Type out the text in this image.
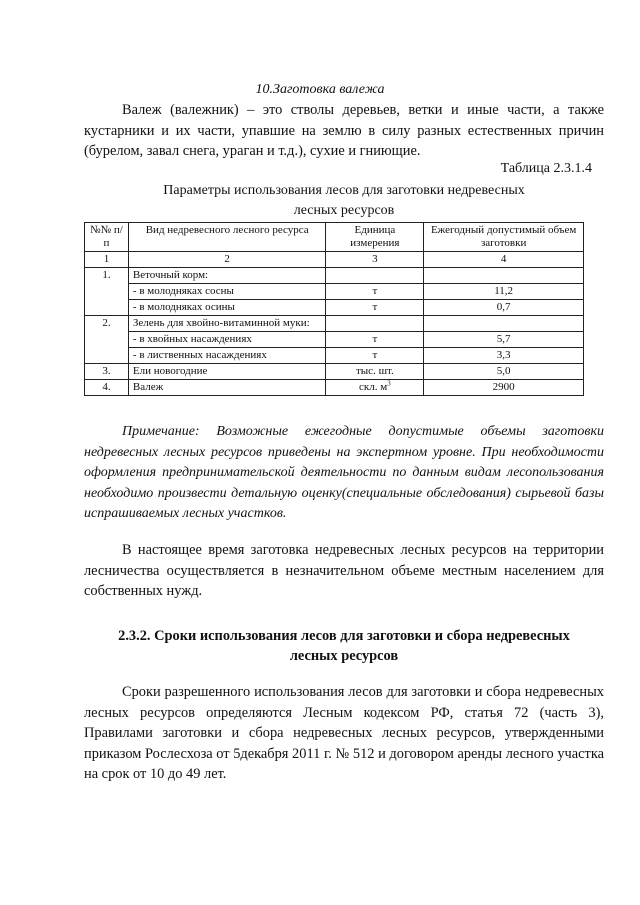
10.Заготовка валежа

Валеж (валежник) – это стволы деревьев, ветки и иные части, а также кустарники и их части, упавшие на землю в силу разных естественных причин (бурелом, завал снега, ураган и т.д.), сухие и гниющие.

Таблица 2.3.1.4
Параметры использования лесов для заготовки недревесных
лесных ресурсов
№№ п/п	Вид недревесного лесного ресурса	Единица измерения	Ежегодный допустимый объем заготовки
1	2	3	4
1.	Веточный корм:		
	- в молодняках сосны	т	11,2
	- в молодняках осины	т	0,7
2.	Зелень для хвойно-витаминной муки:		
	- в хвойных насаждениях	т	5,7
	- в лиственных насаждениях	т	3,3
3.	Ели новогодние	тыс. шт.	5,0
4.	Валеж	скл. $м^3$	2900

Примечание: Возможные ежегодные допустимые объемы заготовки недревесных лесных ресурсов приведены на экспертном уровне. При необходимости оформления предпринимательской деятельности по данным видам лесопользования необходимо произвести детальную оценку(специальные обследования) сырьевой базы испрашиваемых лесных участков.

В настоящее время заготовка недревесных лесных ресурсов на территории лесничества осуществляется в незначительном объеме местным населением для собственных нужд.

2.3.2. Сроки использования лесов для заготовки и сбора недревесных
лесных ресурсов

Сроки разрешенного использования лесов для заготовки и сбора недревесных лесных ресурсов определяются Лесным кодексом РФ, статья 72 (часть 3), Правилами заготовки и сбора недревесных лесных ресурсов, утвержденными приказом Рослесхоза от 5декабря 2011 г. № 512 и договором аренды лесного участка на срок от 10 до 49 лет.
